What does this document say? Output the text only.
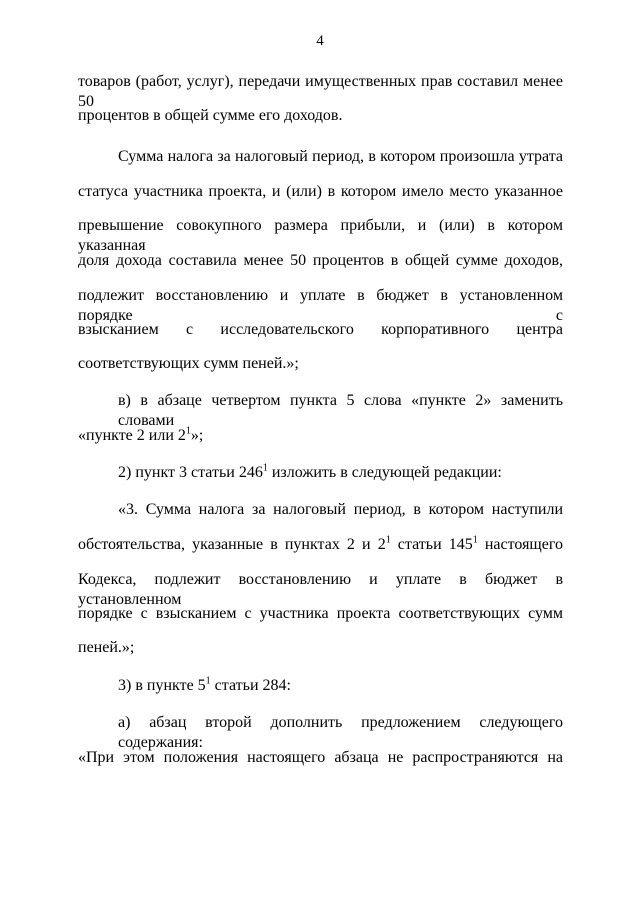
4
товаров (работ, услуг), передачи имущественных прав составил менее 50
процентов в общей сумме его доходов.
Сумма налога за налоговый период, в котором произошла утрата
статуса участника проекта, и (или) в котором имело место указанное
превышение совокупного размера прибыли, и (или) в котором указанная
доля дохода составила менее 50 процентов в общей сумме доходов,
подлежит восстановлению и уплате в бюджет в установленном порядке с
взысканием с исследовательского корпоративного центра
соответствующих сумм пеней.»;
в) в абзаце четвертом пункта 5 слова «пункте 2» заменить словами
«пункте 2 или $2^1$»;
2) пункт 3 статьи $246^1$ изложить в следующей редакции:
«3. Сумма налога за налоговый период, в котором наступили
обстоятельства, указанные в пунктах 2 и $2^1$ статьи $145^1$ настоящего
Кодекса, подлежит восстановлению и уплате в бюджет в установленном
порядке с взысканием с участника проекта соответствующих сумм
пеней.»;
3) в пункте $5^1$ статьи 284:
а) абзац второй дополнить предложением следующего содержания:
«При этом положения настоящего абзаца не распространяются на
